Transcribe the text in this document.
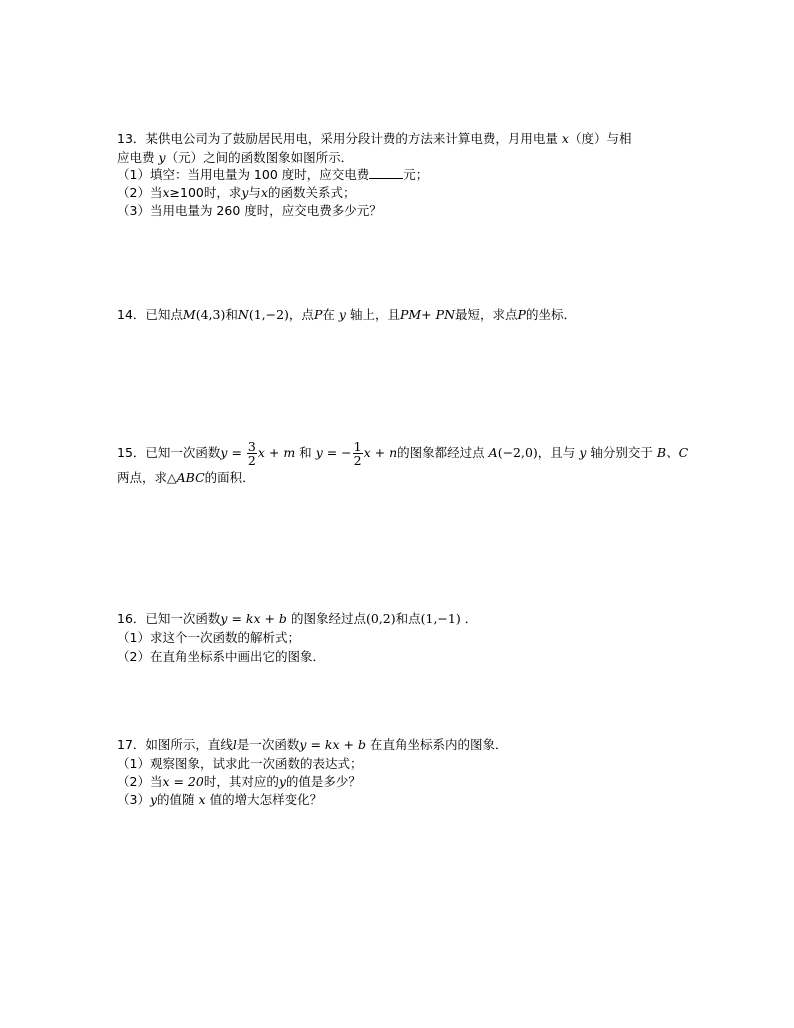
13．某供电公司为了鼓励居民用电，采用分段计费的方法来计算电费，月用电量 x（度）与相
应电费 y（元）之间的函数图象如图所示．
（1）填空：当用电量为 100 度时，应交电费	元；
（2）当x≥100时，求y与x的函数关系式；
（3）当用电量为 260 度时，应交电费多少元？
14．已知点M(4,3)和N(1,−2)，点P在 y 轴上，且PM+ PN最短，求点P的坐标．
15．已知一次函数$y = \frac{3}{2}$ x + m 和 y = − $\frac{1}{2}$ x + n的图象都经过点 A(−2,0)，且与 y 轴分别交于 B、C
两点，求△ABC的面积．
16．已知一次函数y = kx + b 的图象经过点(0,2)和点(1,−1) ．
（1）求这个一次函数的解析式；
（2）在直角坐标系中画出它的图象．
17．如图所示，直线l是一次函数y = kx + b 在直角坐标系内的图象．
（1）观察图象，试求此一次函数的表达式；
（2）当x = 20时，其对应的y的值是多少？
（3）y的值随 x 值的增大怎样变化？
